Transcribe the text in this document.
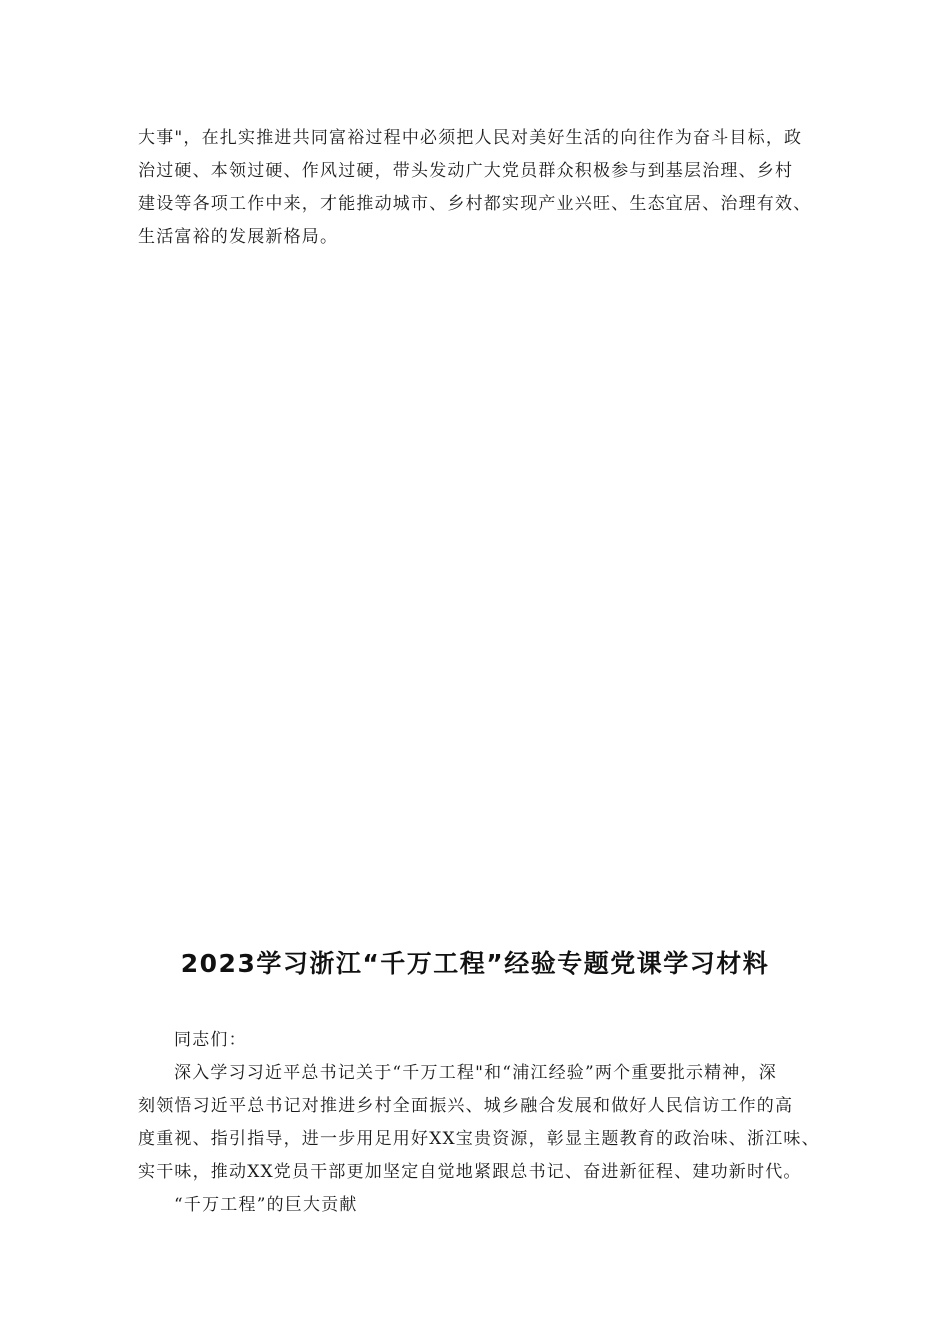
大事"，在扎实推进共同富裕过程中必须把人民对美好生活的向往作为奋斗目标，政
治过硬、本领过硬、作风过硬，带头发动广大党员群众积极参与到基层治理、乡村
建设等各项工作中来，才能推动城市、乡村都实现产业兴旺、生态宜居、治理有效、
生活富裕的发展新格局。
2023学习浙江“千万工程”经验专题党课学习材料
同志们：
深入学习习近平总书记关于“千万工程"和“浦江经验”两个重要批示精神，深
刻领悟习近平总书记对推进乡村全面振兴、城乡融合发展和做好人民信访工作的高
度重视、指引指导，进一步用足用好XX宝贵资源，彰显主题教育的政治味、浙江味、
实干味，推动XX党员干部更加坚定自觉地紧跟总书记、奋进新征程、建功新时代。
“千万工程”的巨大贡献
